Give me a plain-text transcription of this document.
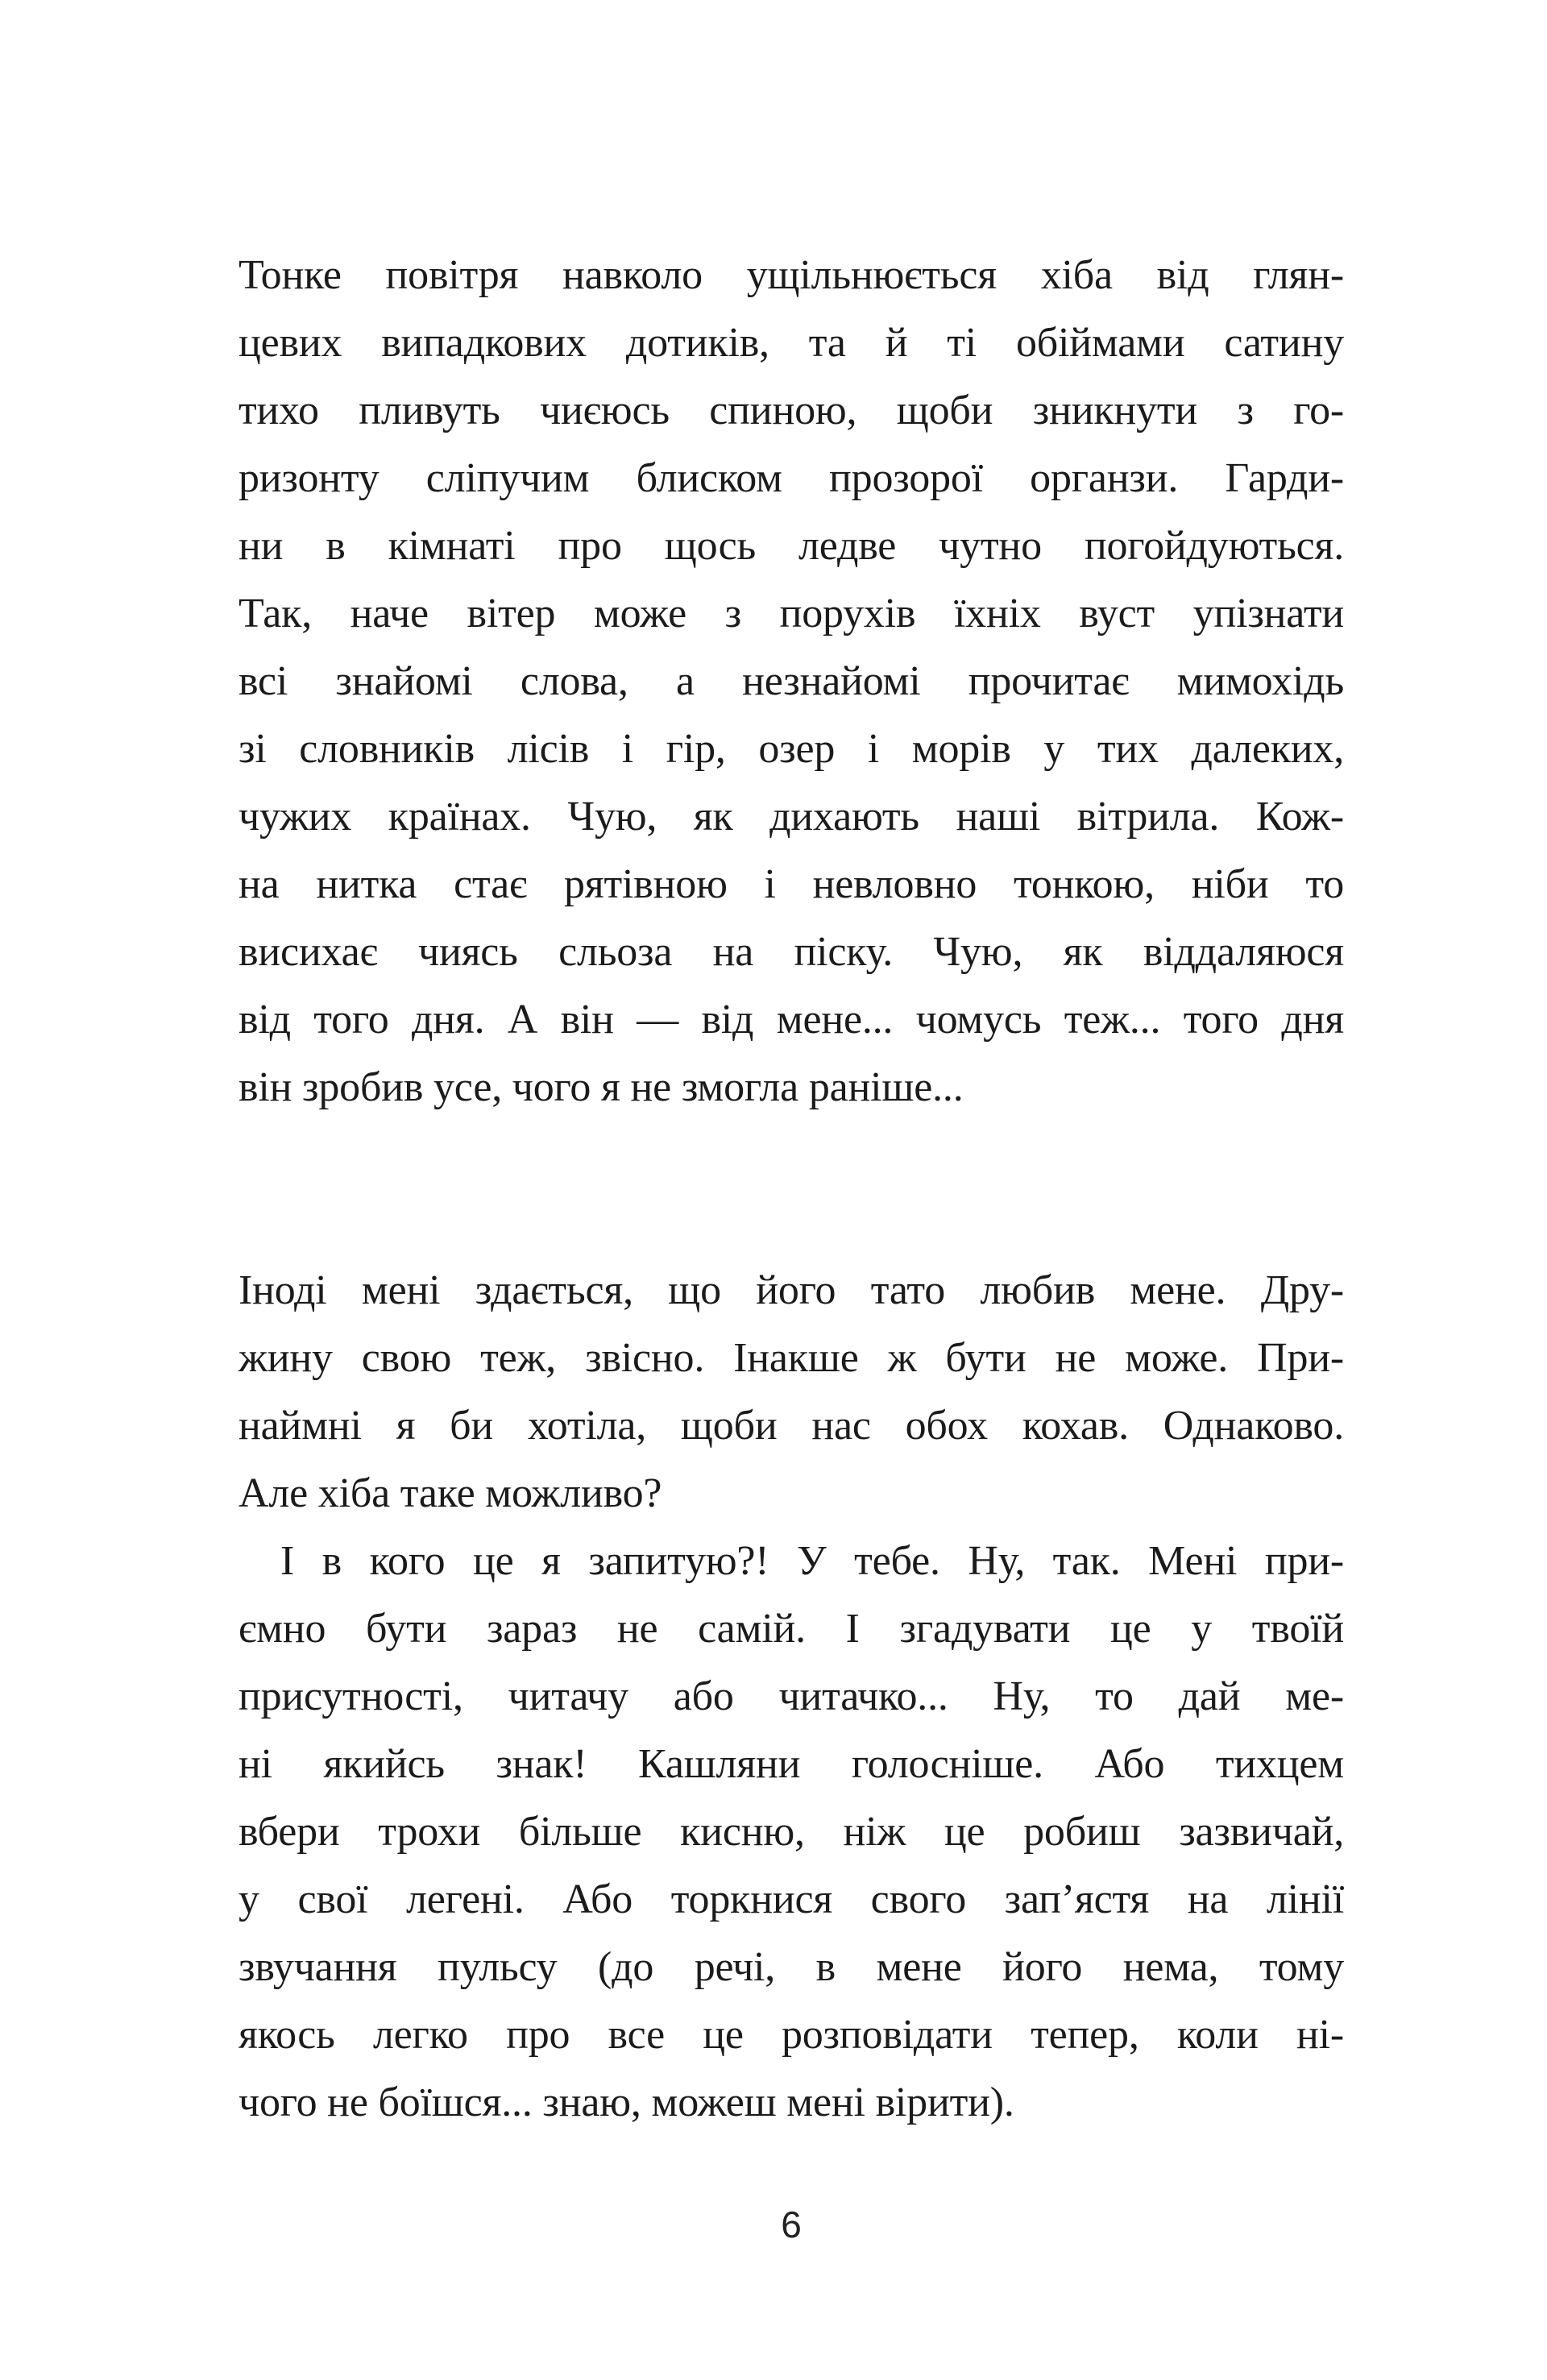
Тонке повітря навколо ущільнюється хіба від глян-
цевих випадкових дотиків, та й ті обіймами сатину
тихо пливуть чиєюсь спиною, щоби зникнути з го-
ризонту сліпучим блиском прозорої органзи. Гарди-
ни в кімнаті про щось ледве чутно погойдуються.
Так, наче вітер може з порухів їхніх вуст упізнати
всі знайомі слова, а незнайомі прочитає мимохідь
зі словників лісів і гір, озер і морів у тих далеких,
чужих країнах. Чую, як дихають наші вітрила. Кож-
на нитка стає рятівною і невловно тонкою, ніби то
висихає чиясь сльоза на піску. Чую, як віддаляюся
від того дня. А він — від мене... чомусь теж... того дня
він зробив усе, чого я не змогла раніше...
Іноді мені здається, що його тато любив мене. Дру-
жину свою теж, звісно. Інакше ж бути не може. При-
наймні я би хотіла, щоби нас обох кохав. Однаково.
Але хіба таке можливо?
І в кого це я запитую?! У тебе. Ну, так. Мені при-
ємно бути зараз не самій. І згадувати це у твоїй
присутності, читачу або читачко... Ну, то дай ме-
ні якийсь знак! Кашляни голосніше. Або тихцем
вбери трохи більше кисню, ніж це робиш зазвичай,
у свої легені. Або торкнися свого зап’ястя на лінії
звучання пульсу (до речі, в мене його нема, тому
якось легко про все це розповідати тепер, коли ні-
чого не боїшся... знаю, можеш мені вірити).
6
